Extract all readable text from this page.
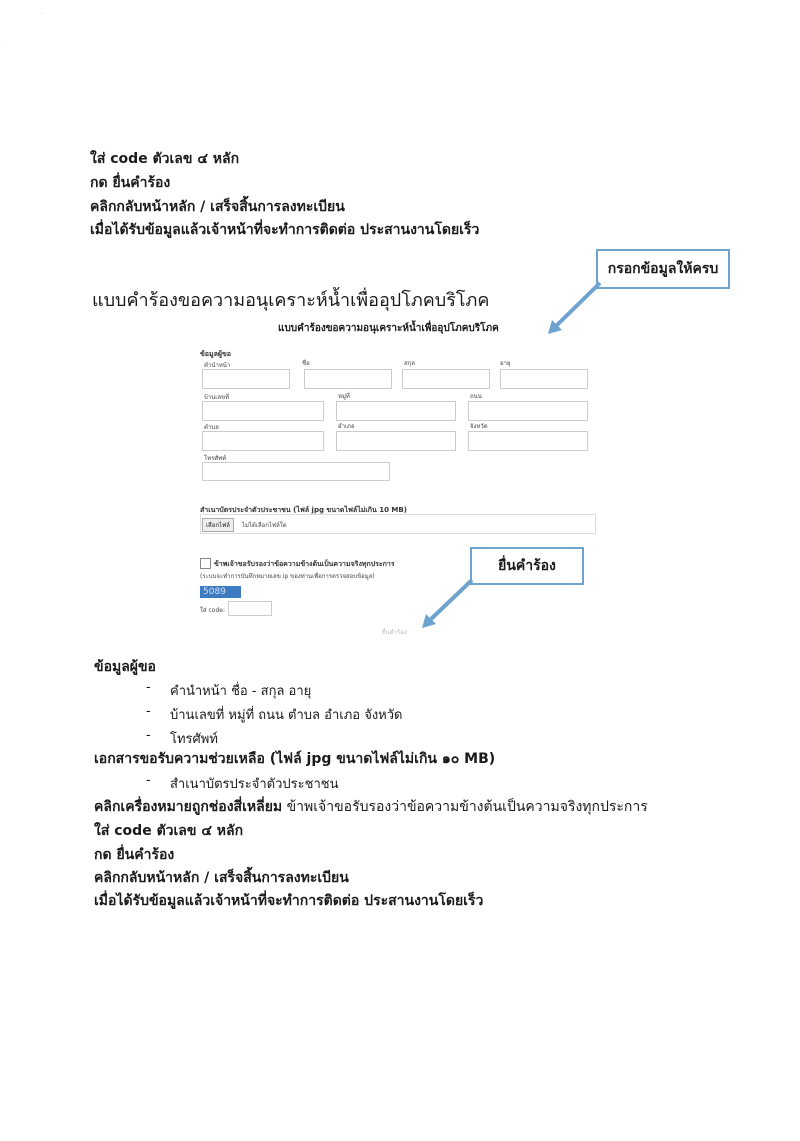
˙
˙
ใส่ code ตัวเลข ๔ หลัก
กด ยื่นคำร้อง
คลิกกลับหน้าหลัก / เสร็จสิ้นการลงทะเบียน
เมื่อได้รับข้อมูลแล้วเจ้าหน้าที่จะทำการติดต่อ ประสานงานโดยเร็ว
แบบคำร้องขอความอนุเคราะห์น้ำเพื่ออุปโภคบริโภค
กรอกข้อมูลให้ครบ
ยื่นคำร้อง
แบบคำร้องขอความอนุเคราะห์น้ำเพื่ออุปโภคบริโภค
ข้อมูลผู้ขอ
คำนำหน้า	ชื่อ	สกุล	อายุ
บ้านเลขที่	หมู่ที่	ถนน
ตำบล	อำเภอ	จังหวัด
โทรศัพท์
สำเนาบัตรประจำตัวประชาชน (ไฟล์ jpg ขนาดไฟล์ไม่เกิน 10 MB)
เลือกไฟล์	ไม่ได้เลือกไฟล์ใด
ข้าพเจ้าขอรับรองว่าข้อความข้างต้นเป็นความจริงทุกประการ
(ระบบจะทำการบันทึกหมายเลข ip ของท่านเพื่อการตรวจสอบข้อมูล)
5089
ใส่ code:
ยื่นคำร้อง
ข้อมูลผู้ขอ
- คำนำหน้า ชื่อ - สกุล อายุ
- บ้านเลขที่ หมู่ที่ ถนน ตำบล อำเภอ จังหวัด
- โทรศัพท์
เอกสารขอรับความช่วยเหลือ (ไฟล์ jpg ขนาดไฟล์ไม่เกิน ๑๐ MB)
- สำเนาบัตรประจำตัวประชาชน
คลิกเครื่องหมายถูกช่องสี่เหลี่ยม ข้าพเจ้าขอรับรองว่าข้อความข้างต้นเป็นความจริงทุกประการ
ใส่ code ตัวเลข ๔ หลัก
กด ยื่นคำร้อง
คลิกกลับหน้าหลัก / เสร็จสิ้นการลงทะเบียน
เมื่อได้รับข้อมูลแล้วเจ้าหน้าที่จะทำการติดต่อ ประสานงานโดยเร็ว
